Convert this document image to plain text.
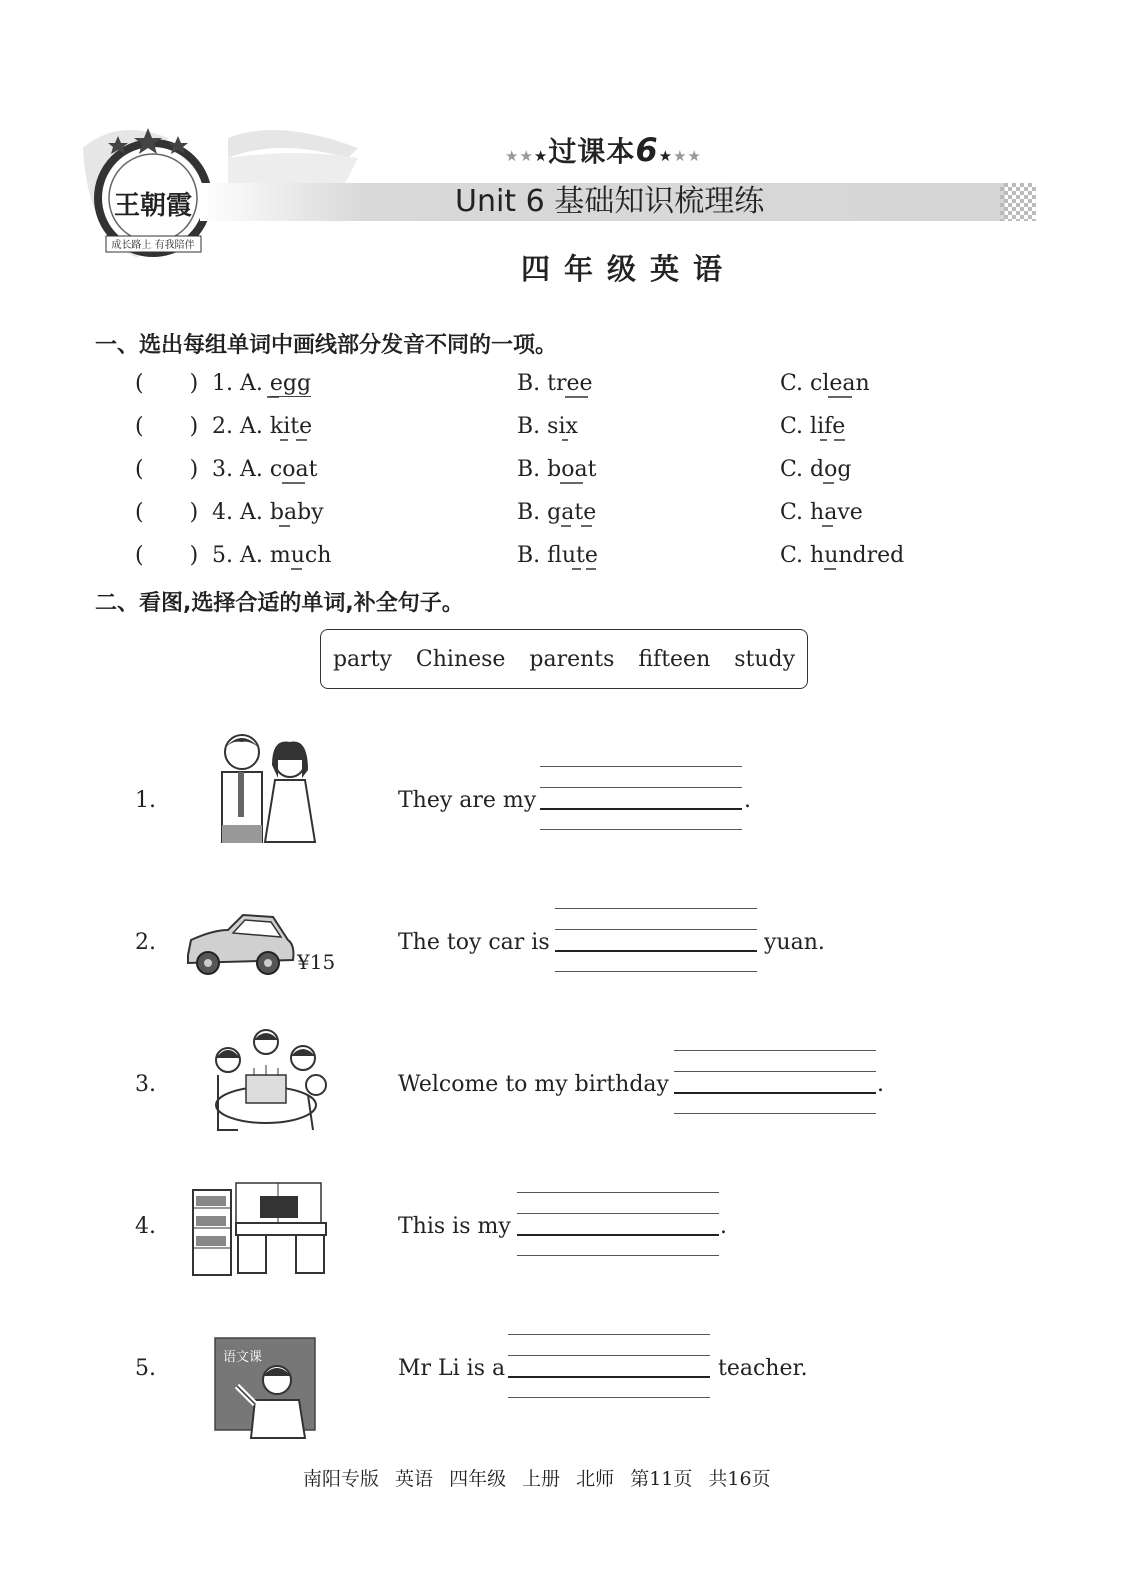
王朝霞
成长路上 有我陪伴
★★★过课本6★★★
Unit 6 基础知识梳理练
四年级英语
一、选出每组单词中画线部分发音不同的一项。
( ) 1. A. egg	B. tree	C. clean
( ) 2. A. kite	B. six	C. life
( ) 3. A. coat	B. boat	C. dog
( ) 4. A. baby	B. gate	C. have
( ) 5. A. much	B. flute	C. hundred
二、看图,选择合适的单词,补全句子。
party Chinese parents fifteen study
1.	They are my	.
2.
¥15
The toy car is	yuan.
3.	Welcome to my birthday	.
4.	This is my	.
5.	语文课	Mr Li is a	teacher.
南阳专版 英语 四年级 上册 北师 第11页 共16页
